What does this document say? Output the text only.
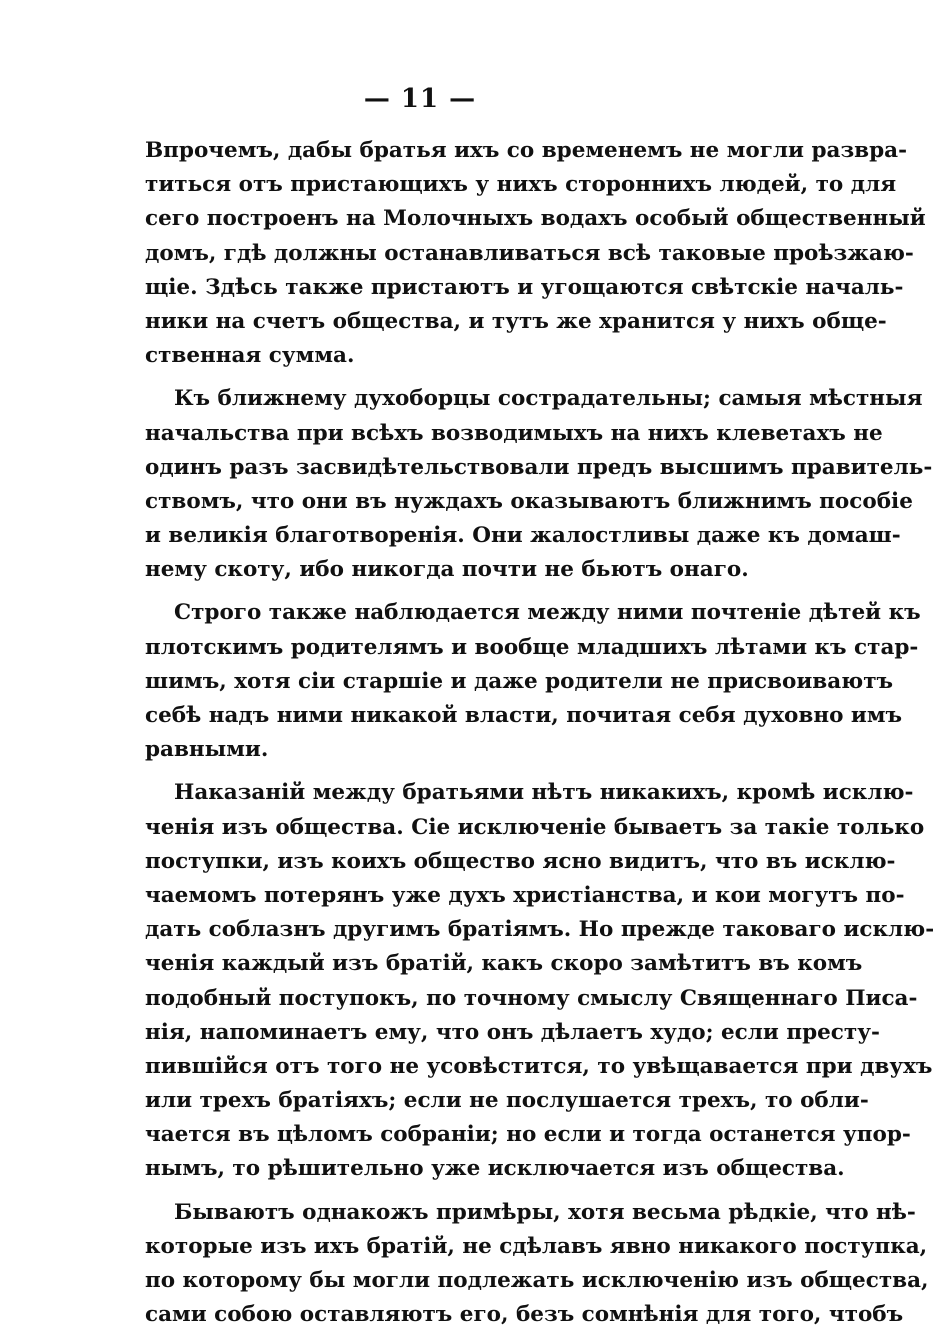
— 11 —
Впрочемъ, дабы братья ихъ со временемъ не могли развра-
титься отъ пристающихъ у нихъ стороннихъ людей, то для
сего построенъ на Молочныхъ водахъ особый общественный
домъ, гдѣ должны останавливаться всѣ таковые проѣзжаю-
щіе. Здѣсь также пристаютъ и угощаются свѣтскіе началь-
ники на счетъ общества, и тутъ же хранится у нихъ обще-
ственная сумма.
Къ ближнему духоборцы сострадательны; самыя мѣстныя
начальства при всѣхъ возводимыхъ на нихъ клеветахъ не
одинъ разъ засвидѣтельствовали предъ высшимъ правитель-
ствомъ, что они въ нуждахъ оказываютъ ближнимъ пособіе
и великія благотворенія. Они жалостливы даже къ домаш-
нему скоту, ибо никогда почти не бьютъ онаго.
Строго также наблюдается между ними почтеніе дѣтей къ
плотскимъ родителямъ и вообще младшихъ лѣтами къ стар-
шимъ, хотя сіи старшіе и даже родители не присвоиваютъ
себѣ надъ ними никакой власти, почитая себя духовно имъ
равными.
Наказаній между братьями нѣтъ никакихъ, кромѣ исклю-
ченія изъ общества. Сіе исключеніе бываетъ за такіе только
поступки, изъ коихъ общество ясно видитъ, что въ исклю-
чаемомъ потерянъ уже духъ христіанства, и кои могутъ по-
дать соблазнъ другимъ братіямъ. Но прежде таковаго исклю-
ченія каждый изъ братій, какъ скоро замѣтитъ въ комъ
подобный поступокъ, по точному смыслу Священнаго Писа-
нія, напоминаетъ ему, что онъ дѣлаетъ худо; если престу-
пившійся отъ того не усовѣстится, то увѣщавается при двухъ
или трехъ братіяхъ; если не послушается трехъ, то обли-
чается въ цѣломъ собраніи; но если и тогда останется упор-
нымъ, то рѣшительно уже исключается изъ общества.
Бываютъ однакожъ примѣры, хотя весьма рѣдкіе, что нѣ-
которые изъ ихъ братій, не сдѣлавъ явно никакого поступка,
по которому бы могли подлежать исключенію изъ общества,
сами собою оставляютъ его, безъ сомнѣнія для того, чтобъ
